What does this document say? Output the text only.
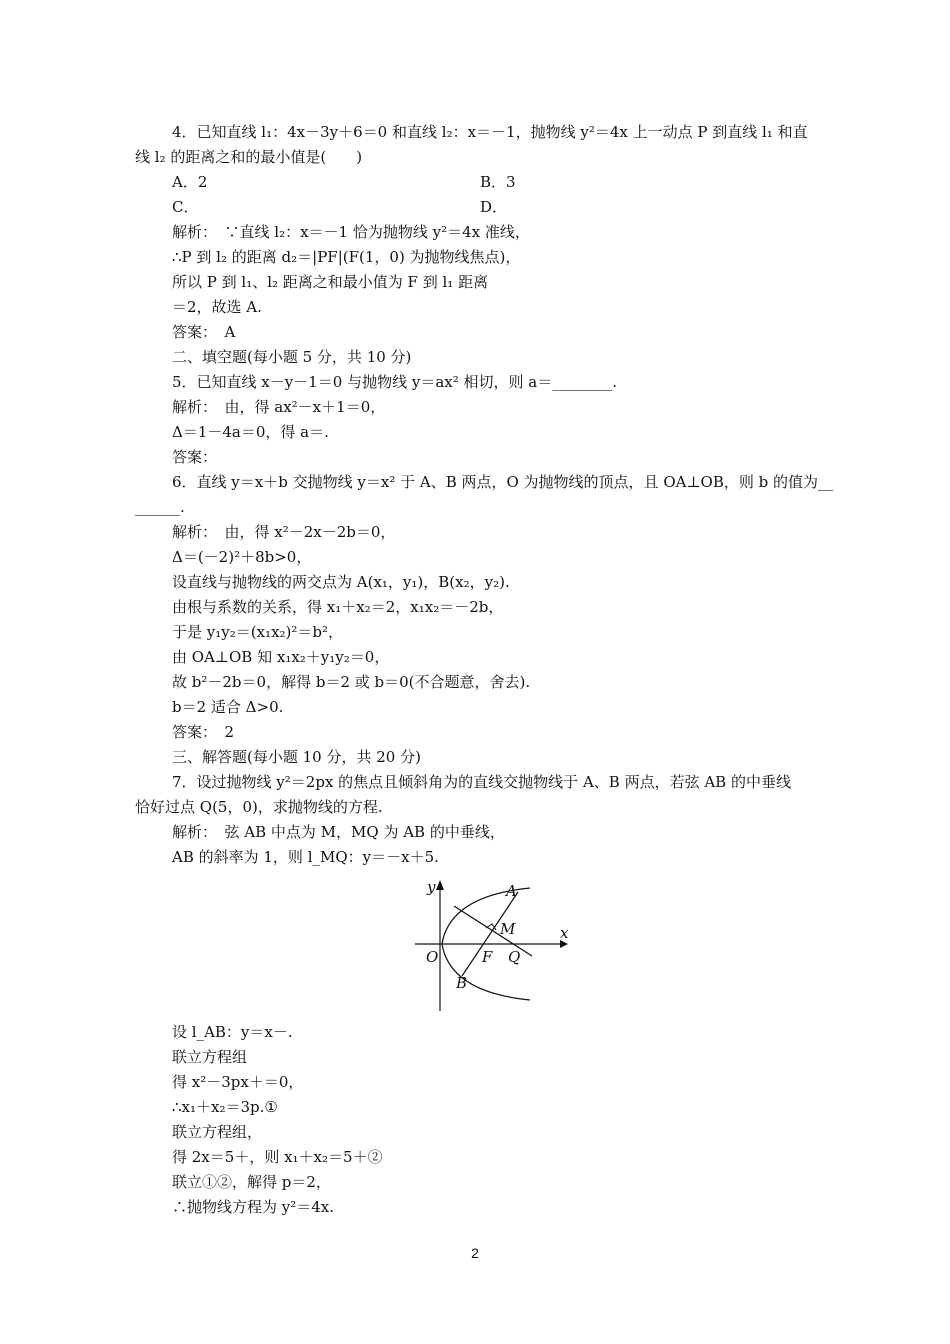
4．已知直线 l₁：4x－3y＋6＝0 和直线 l₂：x＝－1，抛物线 y²＝4x 上一动点 P 到直线 l₁ 和直
线 l₂ 的距离之和的最小值是(　　)
A．2	B．3
C．	D．
解析：　∵直线 l₂：x＝－1 恰为抛物线 y²＝4x 准线，
∴P 到 l₂ 的距离 d₂＝|PF|(F(1，0) 为抛物线焦点)，
所以 P 到 l₁、l₂ 距离之和最小值为 F 到 l₁ 距离
＝2，故选 A.
答案：　A
二、填空题(每小题 5 分，共 10 分)
5．已知直线 x－y－1＝0 与抛物线 y＝ax² 相切，则 a＝________.
解析：　由，得 ax²－x＋1＝0，
Δ＝1－4a＝0，得 a＝.
答案：
6．直线 y＝x＋b 交抛物线 y＝x² 于 A、B 两点，O 为抛物线的顶点，且 OA⊥OB，则 b 的值为__
______.
解析：　由，得 x²－2x－2b＝0，
Δ＝(－2)²＋8b>0，
设直线与抛物线的两交点为 A(x₁，y₁)，B(x₂，y₂).
由根与系数的关系，得 x₁＋x₂＝2，x₁x₂＝－2b，
于是 y₁y₂＝(x₁x₂)²＝b²，
由 OA⊥OB 知 x₁x₂＋y₁y₂＝0，
故 b²－2b＝0，解得 b＝2 或 b＝0(不合题意，舍去).
b＝2 适合 Δ>0.
答案：　2
三、解答题(每小题 10 分，共 20 分)
7．设过抛物线 y²＝2px 的焦点且倾斜角为的直线交抛物线于 A、B 两点，若弦 AB 的中垂线
恰好过点 Q(5，0)，求抛物线的方程.
解析：　弦 AB 中点为 M，MQ 为 AB 的中垂线，
AB 的斜率为 1，则 l_MQ：y＝－x＋5.
y
x
O
A
B
M
F Q
设 l_AB：y＝x－.
联立方程组
得 x²－3px＋＝0，
∴x₁＋x₂＝3p.①
联立方程组，
得 2x＝5＋，则 x₁＋x₂＝5＋②
联立①②，解得 p＝2，
∴抛物线方程为 y²＝4x.
2
